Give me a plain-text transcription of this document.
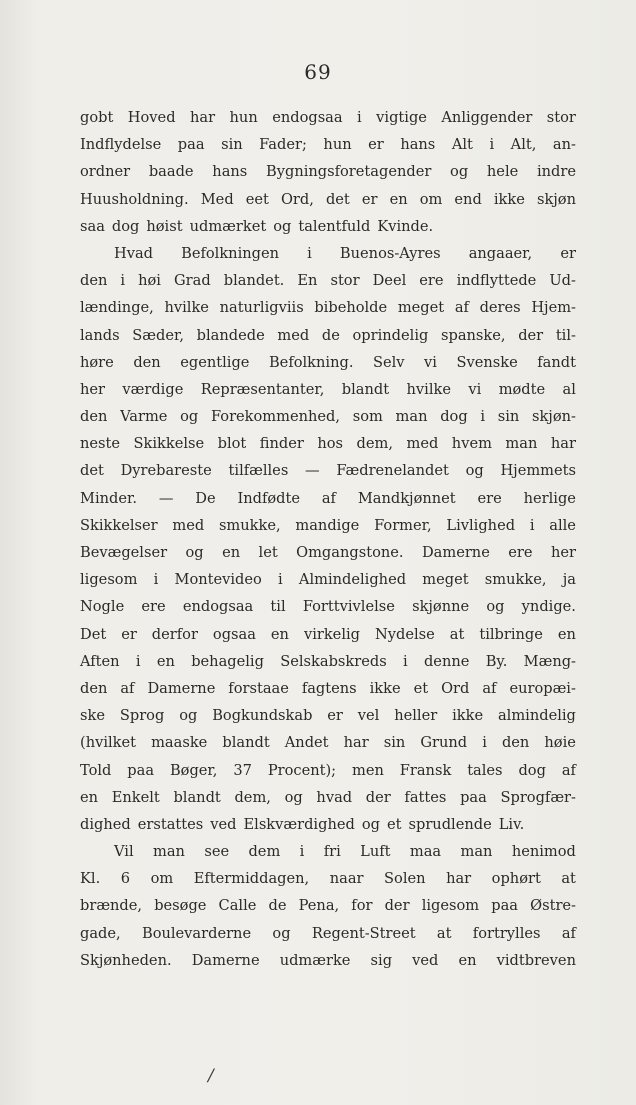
69
gobt Hoved har hun endogsaa i vigtige Anliggender stor
Indflydelse paa sin Fader; hun er hans Alt i Alt, an-
ordner baade hans Bygningsforetagender og hele indre
Huusholdning. Med eet Ord, det er en om end ikke skjøn
saa dog høist udmærket og talentfuld Kvinde.
Hvad Befolkningen i Buenos-Ayres angaaer, er
den i høi Grad blandet. En stor Deel ere indflyttede Ud-
lændinge, hvilke naturligviis bibeholde meget af deres Hjem-
lands Sæder, blandede med de oprindelig spanske, der til-
høre den egentlige Befolkning. Selv vi Svenske fandt
her værdige Repræsentanter, blandt hvilke vi mødte al
den Varme og Forekommenhed, som man dog i sin skjøn-
neste Skikkelse blot finder hos dem, med hvem man har
det Dyrebareste tilfælles — Fædrenelandet og Hjemmets
Minder. — De Indfødte af Mandkjønnet ere herlige
Skikkelser med smukke, mandige Former, Livlighed i alle
Bevægelser og en let Omgangstone. Damerne ere her
ligesom i Montevideo i Almindelighed meget smukke, ja
Nogle ere endogsaa til Forttvivlelse skjønne og yndige.
Det er derfor ogsaa en virkelig Nydelse at tilbringe en
Aften i en behagelig Selskabskreds i denne By. Mæng-
den af Damerne forstaae fagtens ikke et Ord af europæi-
ske Sprog og Bogkundskab er vel heller ikke almindelig
(hvilket maaske blandt Andet har sin Grund i den høie
Told paa Bøger, 37 Procent); men Fransk tales dog af
en Enkelt blandt dem, og hvad der fattes paa Sprogfær-
dighed erstattes ved Elskværdighed og et sprudlende Liv.
Vil man see dem i fri Luft maa man henimod
Kl. 6 om Eftermiddagen, naar Solen har ophørt at
brænde, besøge Calle de Pena, for der ligesom paa Østre-
gade, Boulevarderne og Regent-Street at fortrylles af
Skjønheden. Damerne udmærke sig ved en vidtbreven
/
